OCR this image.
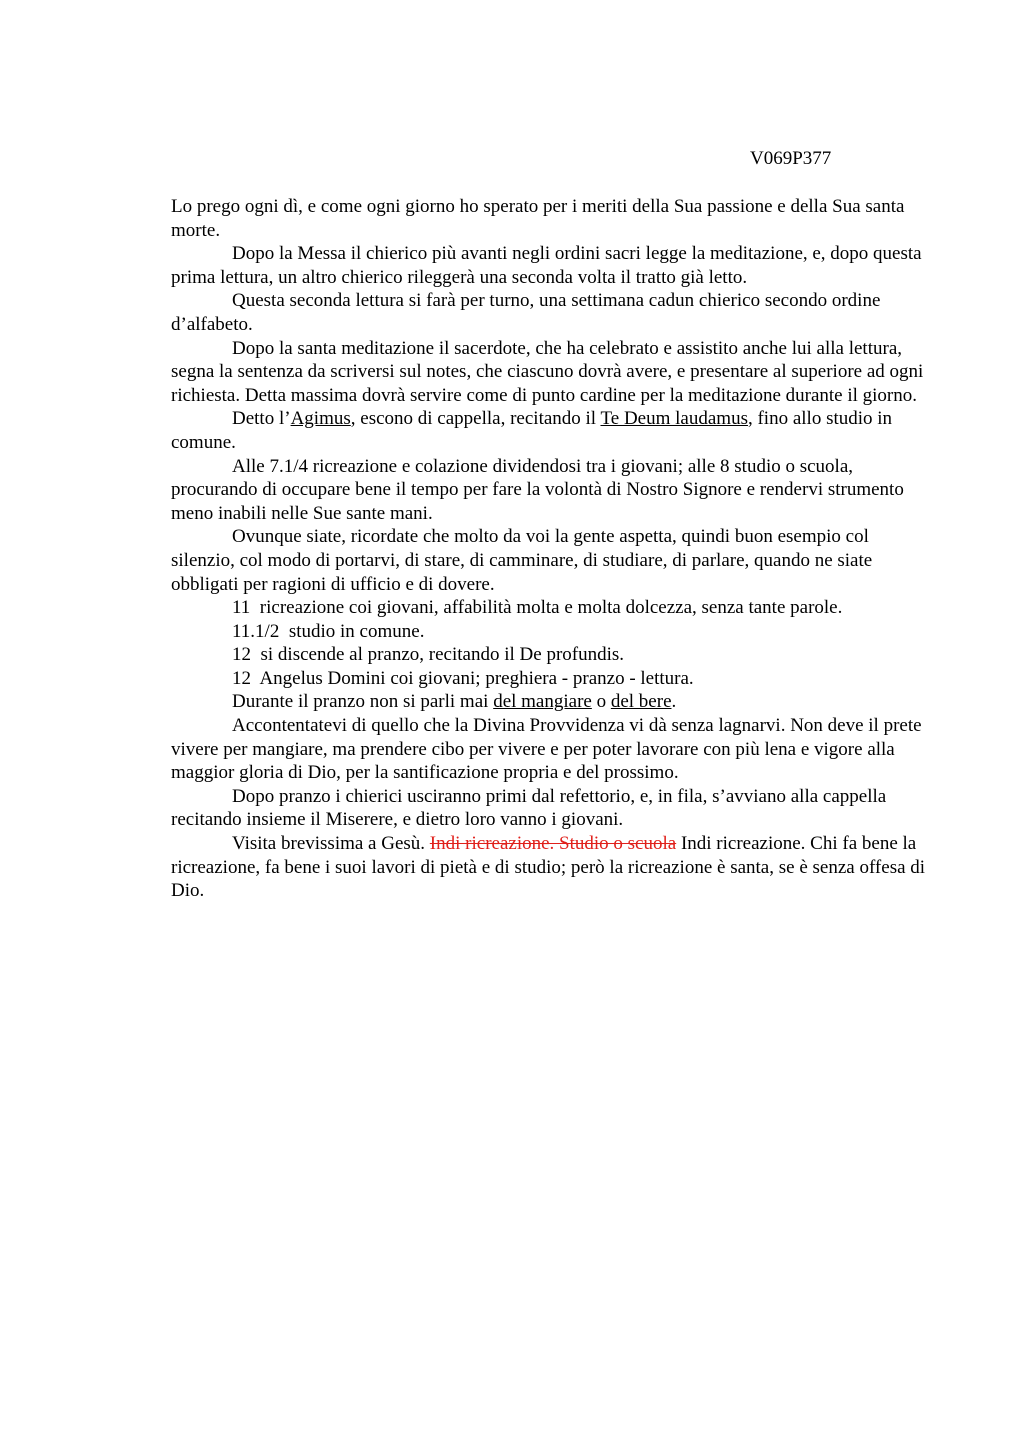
V069P377

Lo prego ogni dì, e come ogni giorno ho sperato per i meriti della Sua passione e della Sua santa morte.

Dopo la Messa il chierico più avanti negli ordini sacri legge la meditazione, e, dopo questa prima lettura, un altro chierico rileggerà una seconda volta il tratto già letto.

Questa seconda lettura si farà per turno, una settimana cadun chierico secondo ordine d’alfabeto.

Dopo la santa meditazione il sacerdote, che ha celebrato e assistito anche lui alla lettura, segna la sentenza da scriversi sul notes, che ciascuno dovrà avere, e presentare al superiore ad ogni richiesta. Detta massima dovrà servire come di punto cardine per la meditazione durante il giorno.

Detto l’Agimus, escono di cappella, recitando il Te Deum laudamus, fino allo studio in comune.

Alle 7.1/4 ricreazione e colazione dividendosi tra i giovani; alle 8 studio o scuola, procurando di occupare bene il tempo per fare la volontà di Nostro Signore e rendervi strumento meno inabili nelle Sue sante mani.

Ovunque siate, ricordate che molto da voi la gente aspetta, quindi buon esempio col silenzio, col modo di portarvi, di stare, di camminare, di studiare, di parlare, quando ne siate obbligati per ragioni di ufficio e di dovere.

11  ricreazione coi giovani, affabilità molta e molta dolcezza, senza tante parole.

11.1/2  studio in comune.

12  si discende al pranzo, recitando il De profundis.

12  Angelus Domini coi giovani; preghiera - pranzo - lettura.

Durante il pranzo non si parli mai del mangiare o del bere.

Accontentatevi di quello che la Divina Provvidenza vi dà senza lagnarvi. Non deve il prete vivere per mangiare, ma prendere cibo per vivere e per poter lavorare con più lena e vigore alla maggior gloria di Dio, per la santificazione propria e del prossimo.

Dopo pranzo i chierici usciranno primi dal refettorio, e, in fila, s’avviano alla cappella recitando insieme il Miserere, e dietro loro vanno i giovani.

Visita brevissima a Gesù. Indi ricreazione. Studio o scuola Indi ricreazione. Chi fa bene la ricreazione, fa bene i suoi lavori di pietà e di studio; però la ricreazione è santa, se è senza offesa di Dio.
